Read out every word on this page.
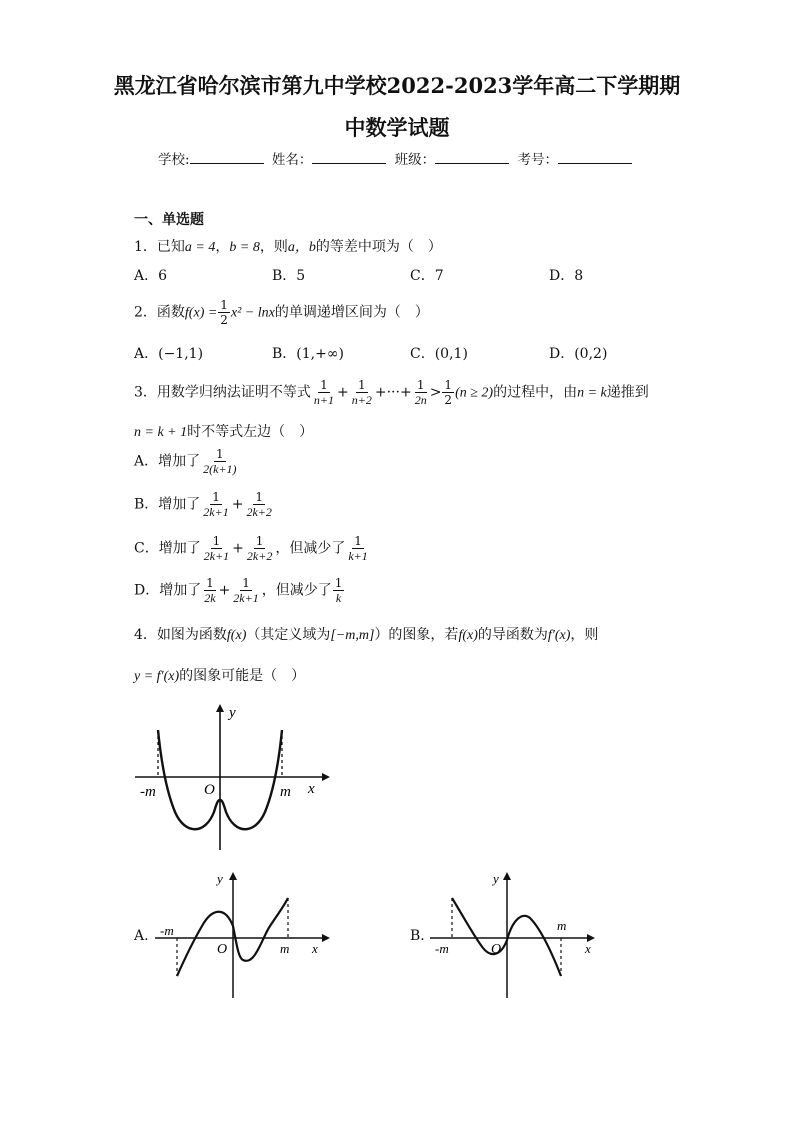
黑龙江省哈尔滨市第九中学校2022-2023学年高二下学期期
中数学试题
学校:	姓名：	班级：	考号：
一、单选题
1．已知a = 4，b = 8，则a，b的等差中项为（　）
A．6	B．5	C．7	D．8
2．函数$f(x) = \frac{1}{2} x^2 - \ln x$的单调递增区间为（　）
A．(−1,1)	B．(1,+∞)	C．(0,1)	D．(0,2)
3．用数学归纳法证明不等式 $\frac{1}{n+1} + \frac{1}{n+2}$ +···+ $\frac{1}{2n} > \frac{1}{2} (n \ge 2)$的过程中，由n = k递推到
n = k + 1时不等式左边（　）
A．增加了 $\frac{1}{2(k+1)}$
B．增加了 $\frac{1}{2k+1} + \frac{1}{2k+2}$
C．增加了 $\frac{1}{2k+1} + \frac{1}{2k+2}$ ，但减少了 $\frac{1}{k+1}$
D．增加了 $\frac{1}{2k} + \frac{1}{2k+1}$ ，但减少了 $\frac{1}{k}$
4．如图为函数f(x)（其定义域为[−m,m]）的图象，若f(x)的导函数为f′(x)，则
y = f′(x)的图象可能是（　）
y
x
O
-m	m
A.
y
x
O
-m
m
B.
y
x
O
-m
m
